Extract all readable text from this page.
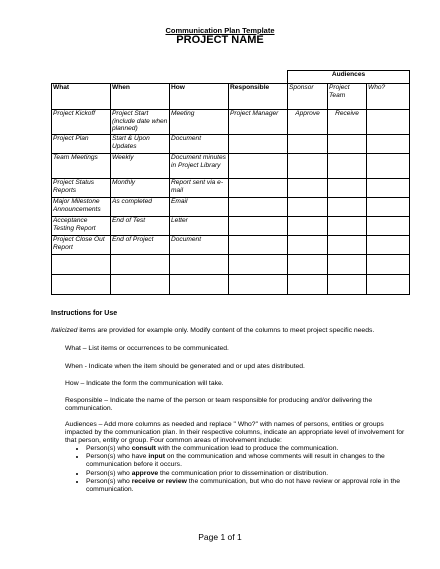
Communication Plan Template
PROJECT NAME
				Audiences		
What	When	How	Responsible	Sponsor	Project Team	Who?
Project Kickoff	Project Start (include date when planned)	Meeting	Project Manager	Approve	Receive	
Project Plan	Start & Upon Updates	Document				
Team Meetings	Weekly	Document minutes in Project Library				
Project Status Reports	Monthly	Report sent via e-mail				
Major Milestone Announcements	As completed	Email				
Acceptance Testing Report	End of Test	Letter				
Project Close Out Report	End of Project	Document				

Instructions for Use
Italicized items are provided for example only. Modify content of the columns to meet project specific needs.
What – List items or occurrences to be communicated.
When - Indicate when the item should be generated and or upd ates distributed.
How – Indicate the form the communication will take.
Responsible – Indicate the name of the person or team responsible for producing and/or delivering the communication.
Audiences – Add more columns as needed and replace " Who?" with names of persons, entities or groups impacted by the communication plan. In their respective columns, indicate an appropriate level of involvement for that person, entity or group. Four common areas of involvement include:
• Person(s) who consult with the communication lead to produce the communication.
• Person(s) who have input on the communication and whose comments will result in changes to the communication before it occurs.
• Person(s) who approve the communication prior to dissemination or distribution.
• Person(s) who receive or review the communication, but who do not have review or approval role in the communication.
Page 1 of 1
